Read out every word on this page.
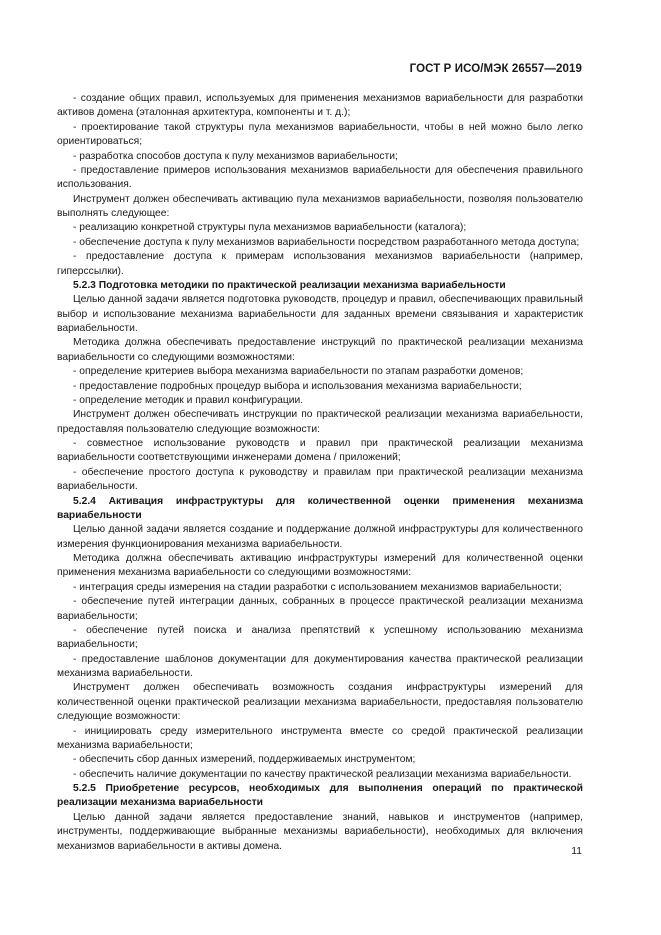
ГОСТ Р ИСО/МЭК 26557—2019

- создание общих правил, используемых для применения механизмов вариабельности для разработки активов домена (эталонная архитектура, компоненты и т. д.);

- проектирование такой структуры пула механизмов вариабельности, чтобы в ней можно было легко ориентироваться;

- разработка способов доступа к пулу механизмов вариабельности;

- предоставление примеров использования механизмов вариабельности для обеспечения правильного использования.

Инструмент должен обеспечивать активацию пула механизмов вариабельности, позволяя пользователю выполнять следующее:

- реализацию конкретной структуры пула механизмов вариабельности (каталога);

- обеспечение доступа к пулу механизмов вариабельности посредством разработанного метода доступа;

- предоставление доступа к примерам использования механизмов вариабельности (например, гиперссылки).

5.2.3 Подготовка методики по практической реализации механизма вариабельности

Целью данной задачи является подготовка руководств, процедур и правил, обеспечивающих правильный выбор и использование механизма вариабельности для заданных времени связывания и характеристик вариабельности.

Методика должна обеспечивать предоставление инструкций по практической реализации механизма вариабельности со следующими возможностями:

- определение критериев выбора механизма вариабельности по этапам разработки доменов;

- предоставление подробных процедур выбора и использования механизма вариабельности;

- определение методик и правил конфигурации.

Инструмент должен обеспечивать инструкции по практической реализации механизма вариабельности, предоставляя пользователю следующие возможности:

- совместное использование руководств и правил при практической реализации механизма вариабельности соответствующими инженерами домена / приложений;

- обеспечение простого доступа к руководству и правилам при практической реализации механизма вариабельности.

5.2.4 Активация инфраструктуры для количественной оценки применения механизма вариабельности

Целью данной задачи является создание и поддержание должной инфраструктуры для количественного измерения функционирования механизма вариабельности.

Методика должна обеспечивать активацию инфраструктуры измерений для количественной оценки применения механизма вариабельности со следующими возможностями:

- интеграция среды измерения на стадии разработки с использованием механизмов вариабельности;

- обеспечение путей интеграции данных, собранных в процессе практической реализации механизма вариабельности;

- обеспечение путей поиска и анализа препятствий к успешному использованию механизма вариабельности;

- предоставление шаблонов документации для документирования качества практической реализации механизма вариабельности.

Инструмент должен обеспечивать возможность создания инфраструктуры измерений для количественной оценки практической реализации механизма вариабельности, предоставляя пользователю следующие возможности:

- инициировать среду измерительного инструмента вместе со средой практической реализации механизма вариабельности;

- обеспечить сбор данных измерений, поддерживаемых инструментом;

- обеспечить наличие документации по качеству практической реализации механизма вариабельности.

5.2.5 Приобретение ресурсов, необходимых для выполнения операций по практической реализации механизма вариабельности

Целью данной задачи является предоставление знаний, навыков и инструментов (например, инструменты, поддерживающие выбранные механизмы вариабельности), необходимых для включения механизмов вариабельности в активы домена.	11
